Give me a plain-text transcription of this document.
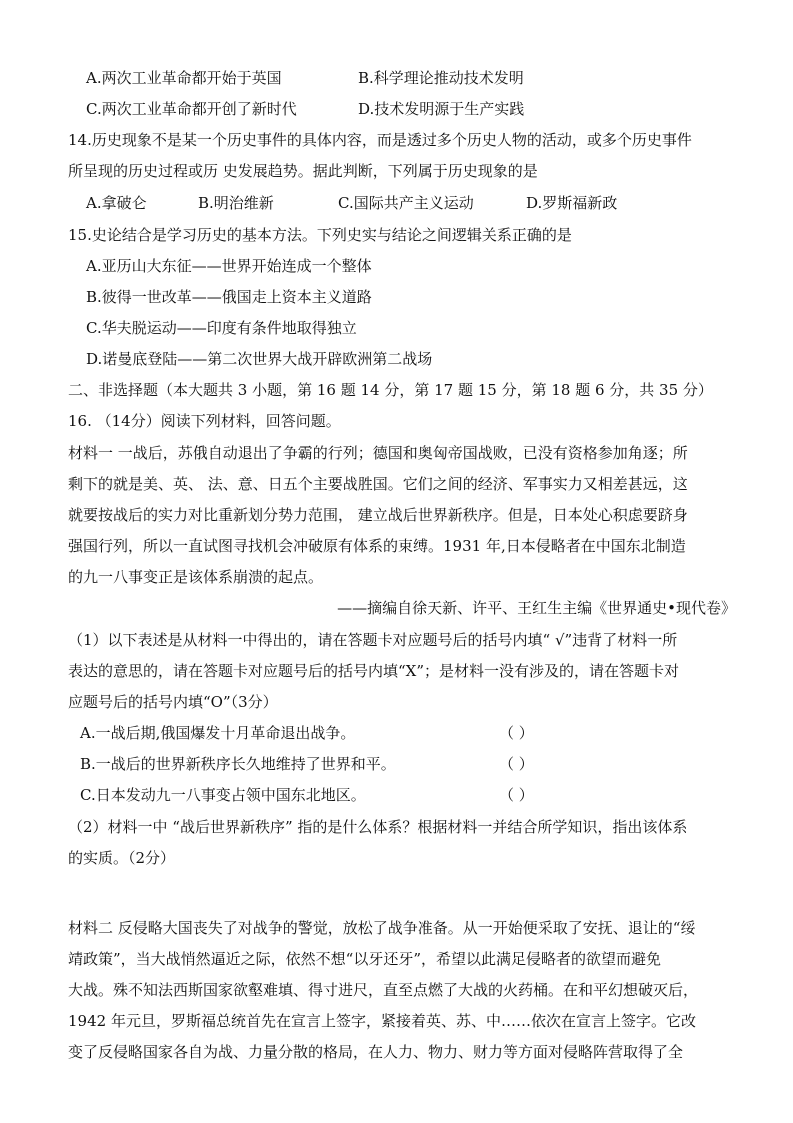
A.两次工业革命都开始于英国	B.科学理论推动技术发明
C.两次工业革命都开创了新时代	D.技术发明源于生产实践
14.历史现象不是某一个历史事件的具体内容，而是透过多个历史人物的活动，或多个历史事件
所呈现的历史过程或历 史发展趋势。据此判断，下列属于历史现象的是
A.拿破仑	B.明治维新	C.国际共产主义运动	D.罗斯福新政
15.史论结合是学习历史的基本方法。下列史实与结论之间逻辑关系正确的是
A.亚历山大东征——世界开始连成一个整体
B.彼得一世改革——俄国走上资本主义道路
C.华夫脱运动——印度有条件地取得独立
D.诺曼底登陆——第二次世界大战开辟欧洲第二战场
二、非选择题（本大题共 3 小题，第 16 题 14 分，第 17 题 15 分，第 18 题 6 分，共 35 分）
16. （14分）阅读下列材料，回答问题。
材料一 一战后，苏俄自动退出了争霸的行列；德国和奥匈帝国战败，已没有资格参加角逐；所
剩下的就是美、英、 法、意、日五个主要战胜国。它们之间的经济、军事实力又相差甚远，这
就要按战后的实力对比重新划分势力范围， 建立战后世界新秩序。但是，日本处心积虑要跻身
强国行列，所以一直试图寻找机会冲破原有体系的束缚。1931 年,日本侵略者在中国东北制造
的九一八事变正是该体系崩溃的起点。
——摘编自徐天新、许平、王红生主编《世界通史•现代卷》
（1）以下表述是从材料一中得出的，请在答题卡对应题号后的括号内填“ √”违背了材料一所
表达的意思的，请在答题卡对应题号后的括号内填“X”；是材料一没有涉及的，请在答题卡对
应题号后的括号内填“O”（3分）
A.一战后期,俄国爆发十月革命退出战争。	（ ）
B.一战后的世界新秩序长久地维持了世界和平。	（ ）
C.日本发动九一八事变占领中国东北地区。	（ ）
（2）材料一中 “战后世界新秩序” 指的是什么体系？根据材料一并结合所学知识，指出该体系
的实质。（2分）
材料二 反侵略大国丧失了对战争的警觉，放松了战争准备。从一开始便采取了安抚、退让的“绥
靖政策”，当大战悄然逼近之际，依然不想“以牙还牙”，希望以此满足侵略者的欲望而避免
大战。殊不知法西斯国家欲壑难填、得寸进尺，直至点燃了大战的火药桶。在和平幻想破灭后，
1942 年元旦，罗斯福总统首先在宣言上签字，紧接着英、苏、中……依次在宣言上签字。它改
变了反侵略国家各自为战、力量分散的格局，在人力、物力、财力等方面对侵略阵营取得了全
